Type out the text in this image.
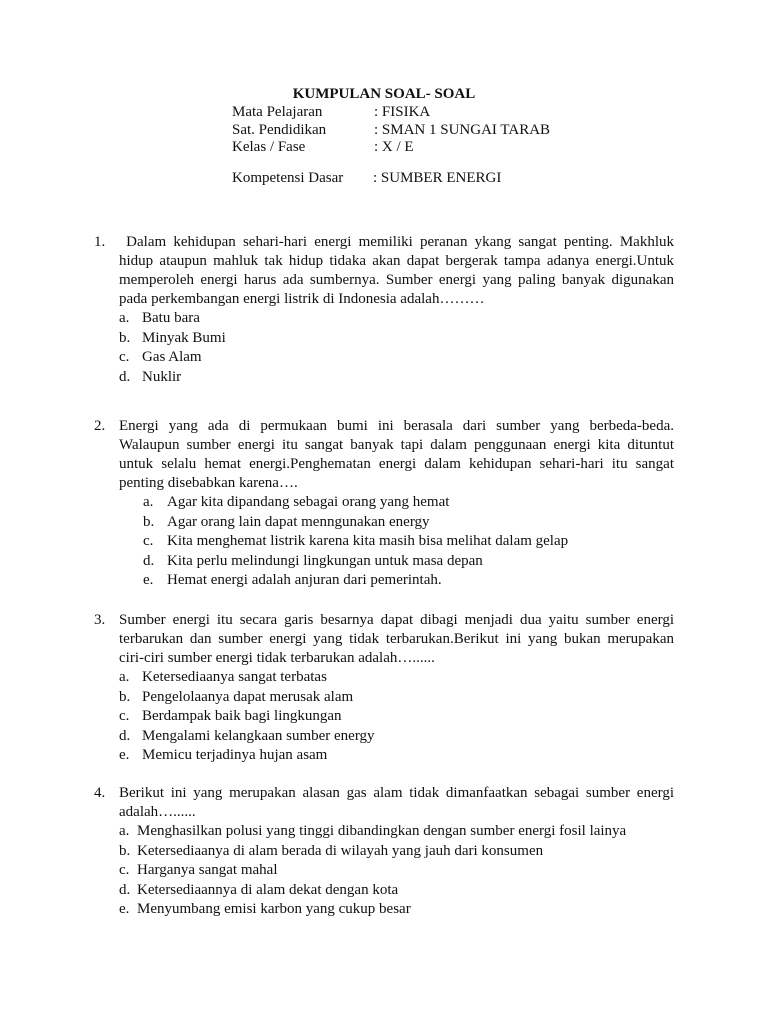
KUMPULAN SOAL- SOAL
Mata Pelajaran	: FISIKA
Sat. Pendidikan	: SMAN 1 SUNGAI TARAB
Kelas / Fase	: X / E
Kompetensi Dasar : SUMBER ENERGI
1. Dalam kehidupan sehari-hari energi memiliki peranan ykang sangat penting. Makhluk
hidup ataupun mahluk tak hidup tidaka akan dapat bergerak tampa adanya energi.Untuk
memperoleh energi harus ada sumbernya. Sumber energi yang paling banyak digunakan
pada perkembangan energi listrik di Indonesia adalah………
a. Batu bara
b. Minyak Bumi
c. Gas Alam
d. Nuklir
2. Energi yang ada di permukaan bumi ini berasala dari sumber yang berbeda-beda.
Walaupun sumber energi itu sangat banyak tapi dalam penggunaan energi kita dituntut
untuk selalu hemat energi.Penghematan energi dalam kehidupan sehari-hari itu sangat
penting disebabkan karena….
a. Agar kita dipandang sebagai orang yang hemat
b. Agar orang lain dapat menngunakan energy
c. Kita menghemat listrik karena kita masih bisa melihat dalam gelap
d. Kita perlu melindungi lingkungan untuk masa depan
e. Hemat energi adalah anjuran dari pemerintah.
3. Sumber energi itu secara garis besarnya dapat dibagi menjadi dua yaitu sumber energi
terbarukan dan sumber energi yang tidak terbarukan.Berikut ini yang bukan merupakan
ciri-ciri sumber energi tidak terbarukan adalah…......
a. Ketersediaanya sangat terbatas
b. Pengelolaanya dapat merusak alam
c. Berdampak baik bagi lingkungan
d. Mengalami kelangkaan sumber energy
e. Memicu terjadinya hujan asam
4. Berikut ini yang merupakan alasan gas alam tidak dimanfaatkan sebagai sumber energi
adalah…......
a. Menghasilkan polusi yang tinggi dibandingkan dengan sumber energi fosil lainya
b. Ketersediaanya di alam berada di wilayah yang jauh dari konsumen
c. Harganya sangat mahal
d. Ketersediaannya di alam dekat dengan kota
e. Menyumbang emisi karbon yang cukup besar
